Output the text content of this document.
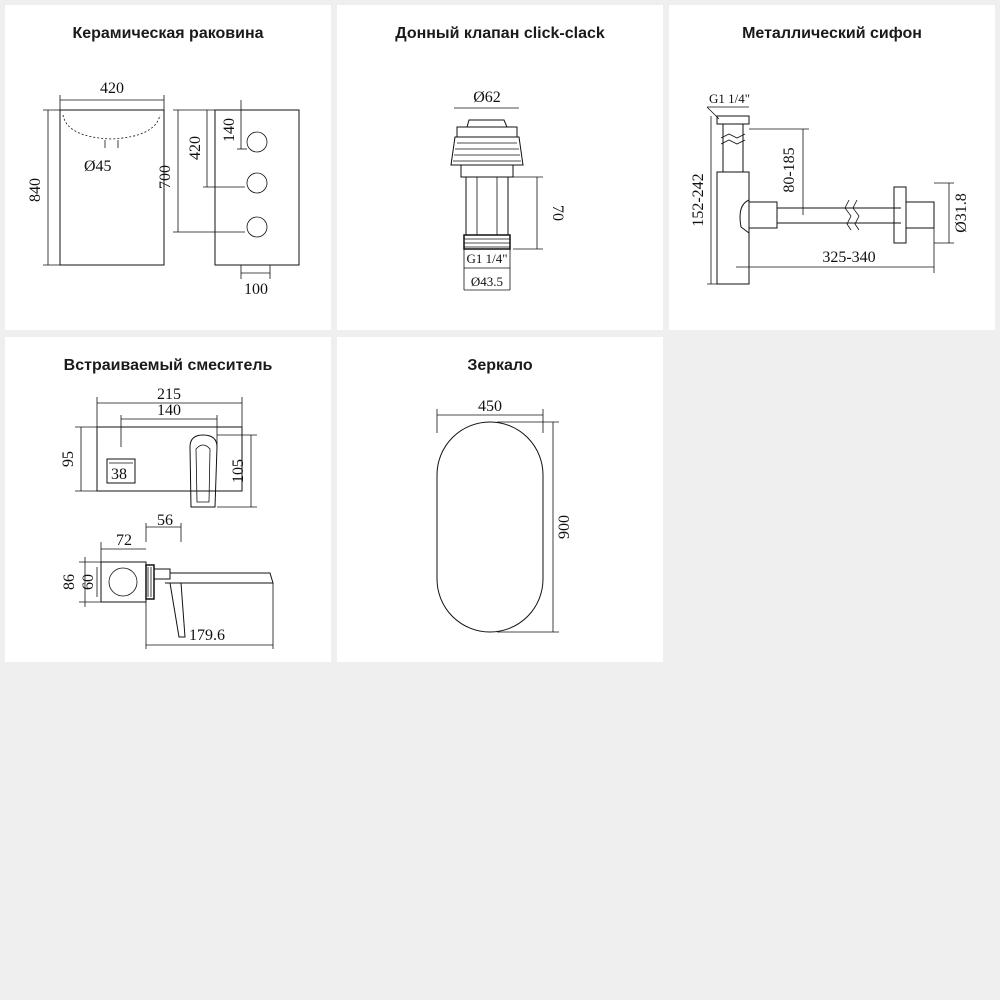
Керамическая раковина
420
Ø45
840
700
420
140
100
Донный клапан click-clack
Ø62
70
G1 1/4"
Ø43.5
Металлический сифон
G1 1/4"
152-242
80-185
Ø31.8
325-340
Встраиваемый смеситель
215
140
38
95	105
56
72
86 60
179.6
Зеркало
450
900
